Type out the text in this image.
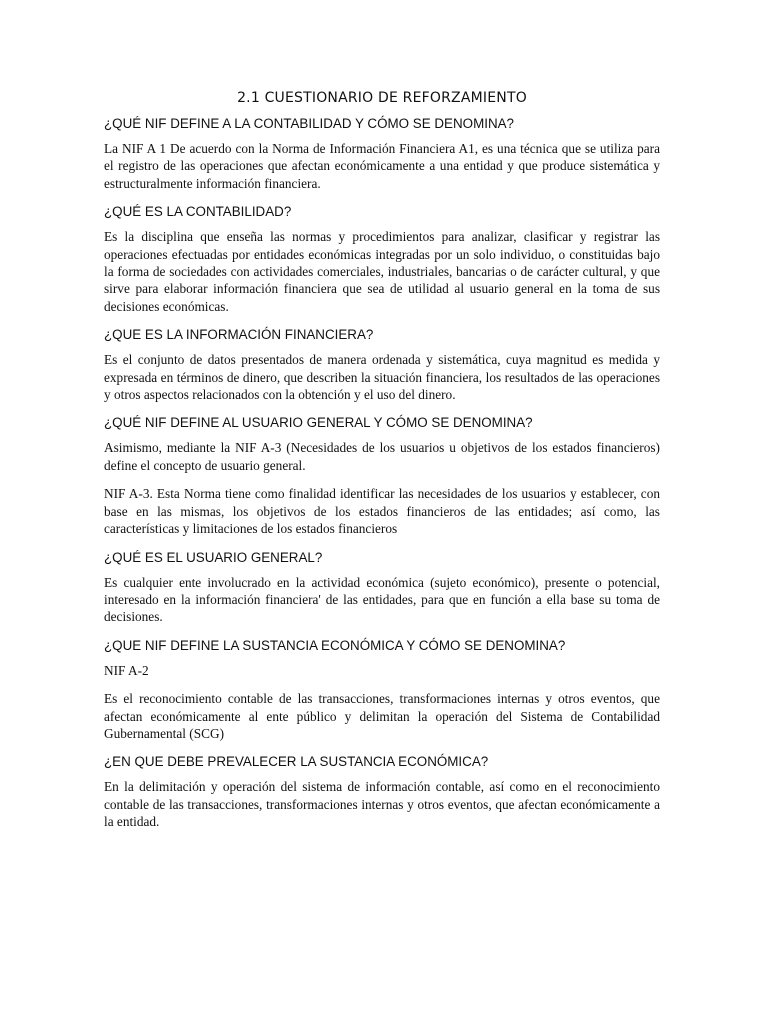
2.1 CUESTIONARIO DE REFORZAMIENTO
¿QUÉ NIF DEFINE A LA CONTABILIDAD Y CÓMO SE DENOMINA?

La NIF A 1 De acuerdo con la Norma de Información Financiera A1, es una técnica que se utiliza para el registro de las operaciones que afectan económicamente a una entidad y que produce sistemática y estructuralmente información financiera.

¿QUÉ ES LA CONTABILIDAD?

Es la disciplina que enseña las normas y procedimientos para analizar, clasificar y registrar las operaciones efectuadas por entidades económicas integradas por un solo individuo, o constituidas bajo la forma de sociedades con actividades comerciales, industriales, bancarias o de carácter cultural, y que sirve para elaborar información financiera que sea de utilidad al usuario general en la toma de sus decisiones económicas.

¿QUE ES LA INFORMACIÓN FINANCIERA?

Es el conjunto de datos presentados de manera ordenada y sistemática, cuya magnitud es medida y expresada en términos de dinero, que describen la situación financiera, los resultados de las operaciones y otros aspectos relacionados con la obtención y el uso del dinero.

¿QUÉ NIF DEFINE AL USUARIO GENERAL Y CÓMO SE DENOMINA?

Asimismo, mediante la NIF A-3 (Necesidades de los usuarios u objetivos de los estados financieros) define el concepto de usuario general.

NIF A-3. Esta Norma tiene como finalidad identificar las necesidades de los usuarios y establecer, con base en las mismas, los objetivos de los estados financieros de las entidades; así como, las características y limitaciones de los estados financieros

¿QUÉ ES EL USUARIO GENERAL?

Es cualquier ente involucrado en la actividad económica (sujeto económico), presente o potencial, interesado en la información financiera' de las entidades, para que en función a ella base su toma de decisiones.

¿QUE NIF DEFINE LA SUSTANCIA ECONÓMICA Y CÓMO SE DENOMINA?

NIF A-2

Es el reconocimiento contable de las transacciones, transformaciones internas y otros eventos, que afectan económicamente al ente público y delimitan la operación del Sistema de Contabilidad Gubernamental (SCG)

¿EN QUE DEBE PREVALECER LA SUSTANCIA ECONÓMICA?

En la delimitación y operación del sistema de información contable, así como en el reconocimiento contable de las transacciones, transformaciones internas y otros eventos, que afectan económicamente a la entidad.
